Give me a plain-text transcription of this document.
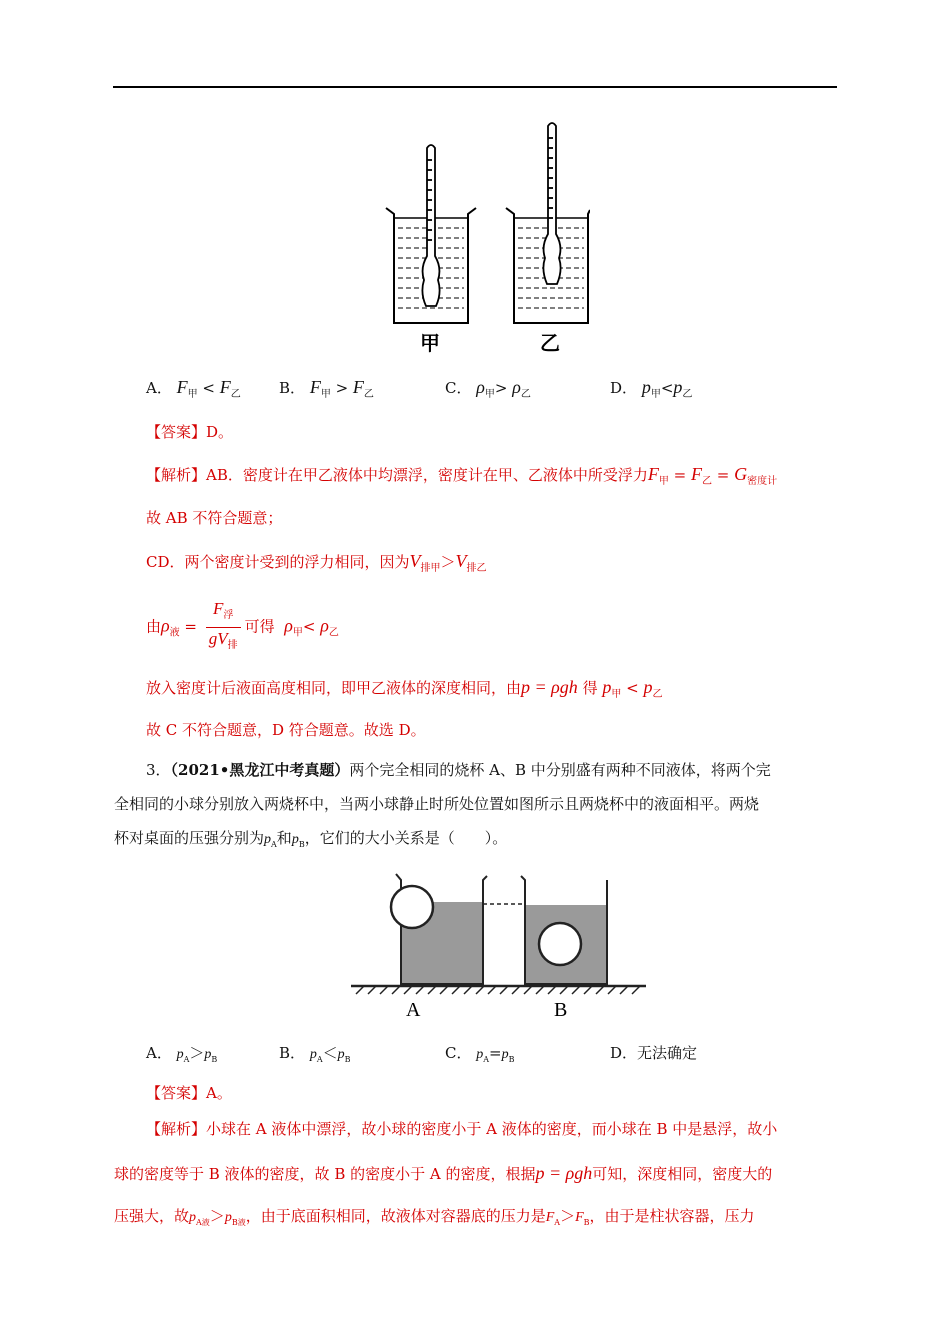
甲	乙
A． $F_甲 < F_乙$	B． $F_甲 > F_乙$	C． $\rho_甲> \rho_乙$	D． $p_甲<p_乙$
【答案】D。
【解析】AB．密度计在甲乙液体中均漂浮，密度计在甲、乙液体中所受浮力$F_甲 = F_乙 = G_{密度计}$
故 AB 不符合题意；
CD．两个密度计受到的浮力相同，因为$V_{排甲}>V_{排乙}$
由$\rho_液 = \frac{F_浮}{gV_排}$ 可得 $\rho_甲< \rho_乙$
放入密度计后液面高度相同，即甲乙液体的深度相同，由p = ρgh 得 $p_甲 < p_乙$
故 C 不符合题意，D 符合题意。故选 D。
3．（2021•黑龙江中考真题）两个完全相同的烧杯 A、B 中分别盛有两种不同液体，将两个完
全相同的小球分别放入两烧杯中，当两小球静止时所处位置如图所示且两烧杯中的液面相平。两烧
杯对桌面的压强分别为$p_A$和$p_B$，它们的大小关系是（　　）。
A	B
A． $p_A>p_B$	B． $p_A<p_B$	C． $p_A=p_B$	D．无法确定
【答案】A。
【解析】小球在 A 液体中漂浮，故小球的密度小于 A 液体的密度，而小球在 B 中是悬浮，故小
球的密度等于 B 液体的密度，故 B 的密度小于 A 的密度，根据p = ρgh可知，深度相同，密度大的
压强大，故$p_{A液}>p_{B液}$，由于底面积相同，故液体对容器底的压力是$F_A>F_B$，由于是柱状容器，压力
